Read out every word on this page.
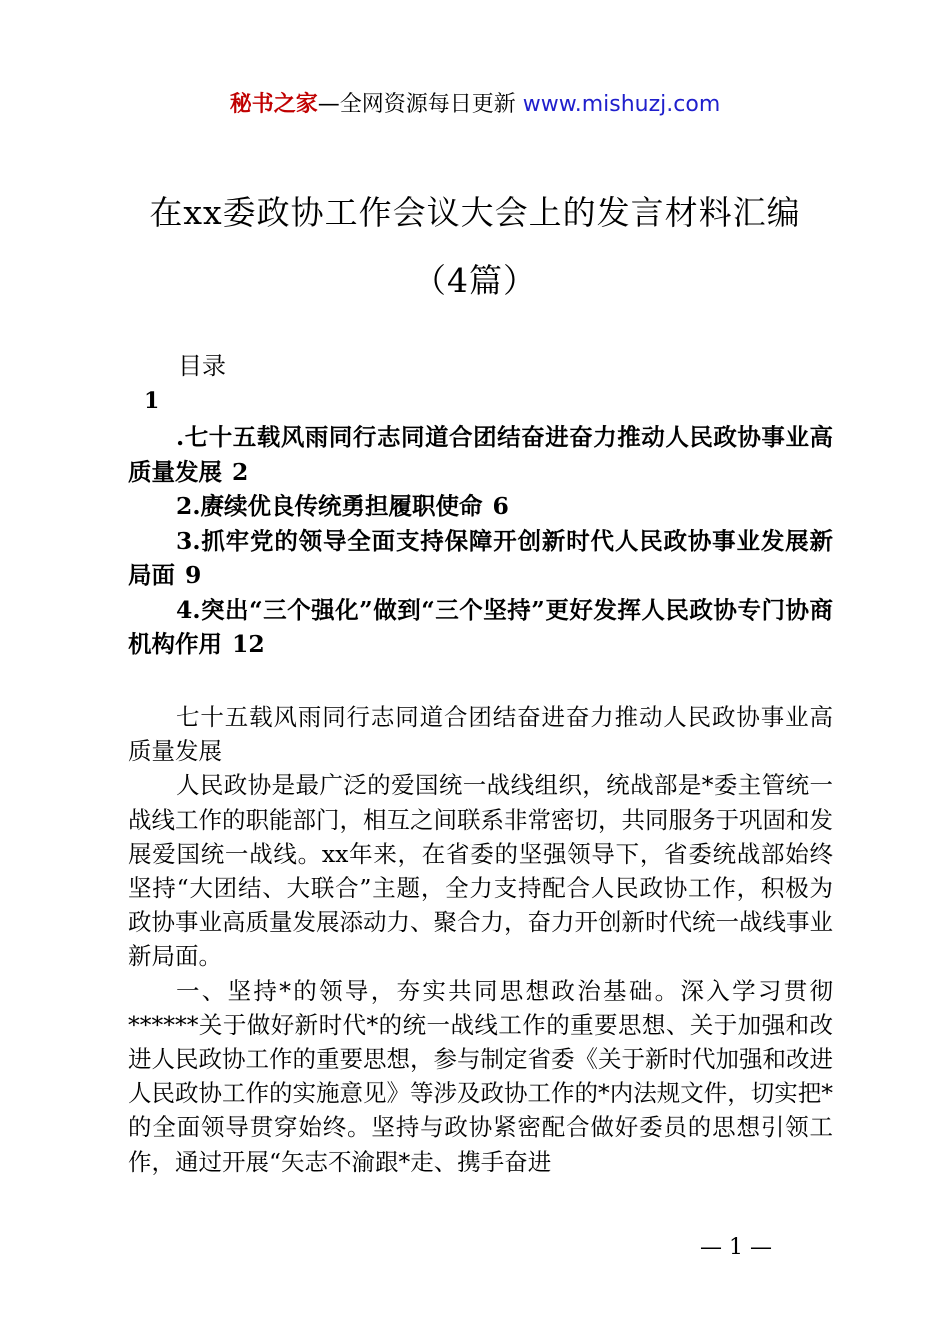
秘书之家—全网资源每日更新 www.mishuzj.com
在xx委政协工作会议大会上的发言材料汇编
（4篇）
目录
1

.七十五载风雨同行志同道合团结奋进奋力推动人民政协事业高质量发展 2

2.赓续优良传统勇担履职使命 6

3.抓牢党的领导全面支持保障开创新时代人民政协事业发展新局面 9

4.突出“三个强化”做到“三个坚持”更好发挥人民政协专门协商机构作用 12

七十五载风雨同行志同道合团结奋进奋力推动人民政协事业高质量发展

人民政协是最广泛的爱国统一战线组织，统战部是*委主管统一战线工作的职能部门，相互之间联系非常密切，共同服务于巩固和发展爱国统一战线。xx年来，在省委的坚强领导下，省委统战部始终坚持“大团结、大联合”主题，全力支持配合人民政协工作，积极为政协事业高质量发展添动力、聚合力，奋力开创新时代统一战线事业新局面。

一、坚持*的领导，夯实共同思想政治基础。深入学习贯彻******关于做好新时代*的统一战线工作的重要思想、关于加强和改进人民政协工作的重要思想，参与制定省委《关于新时代加强和改进人民政协工作的实施意见》等涉及政协工作的*内法规文件，切实把*的全面领导贯穿始终。坚持与政协紧密配合做好委员的思想引领工作，通过开展“矢志不渝跟*走、携手奋进

— 1 —
